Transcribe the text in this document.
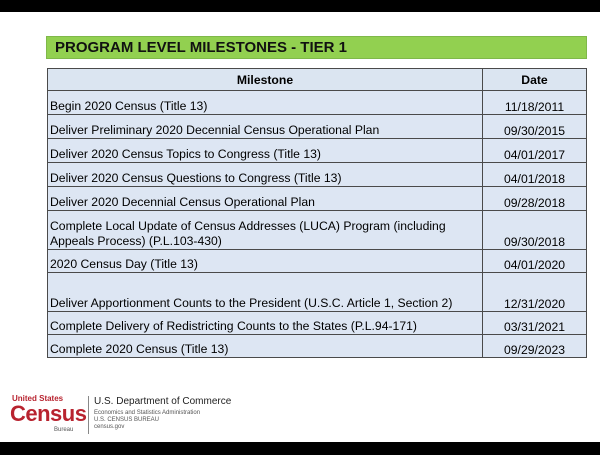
PROGRAM LEVEL MILESTONES - TIER 1
Milestone	Date
Begin 2020 Census (Title 13)	11/18/2011
Deliver Preliminary 2020 Decennial Census Operational Plan	09/30/2015
Deliver 2020 Census Topics to Congress (Title 13)	04/01/2017
Deliver 2020 Census Questions to Congress (Title 13)	04/01/2018
Deliver 2020 Decennial Census Operational Plan	09/28/2018
Complete Local Update of Census Addresses (LUCA) Program (including Appeals Process) (P.L.103-430)	09/30/2018
2020 Census Day (Title 13)	04/01/2020
Deliver Apportionment Counts to the President (U.S.C. Article 1, Section 2)	12/31/2020
Complete Delivery of Redistricting Counts to the States (P.L.94-171)	03/31/2021
Complete 2020 Census (Title 13)	09/29/2023
United States
Census
Bureau
U.S. Department of Commerce
Economics and Statistics Administration
U.S. CENSUS BUREAU
census.gov
